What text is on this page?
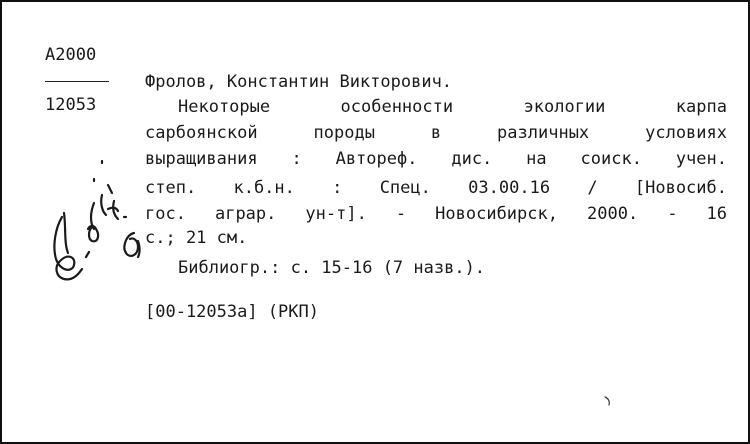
А2000
12053
Фролов, Константин Викторович.
Некоторые особенности экологии карпа
сарбоянской породы в различных условиях
выращивания : Автореф. дис. на соиск. учен.
степ. к.б.н. : Спец. 03.00.16 / [Новосиб.
гос. аграр. ун-т]. - Новосибирск, 2000. - 16
с.; 21 см.
Библиогр.: с. 15-16 (7 назв.).
[00-12053а] (РКП)
